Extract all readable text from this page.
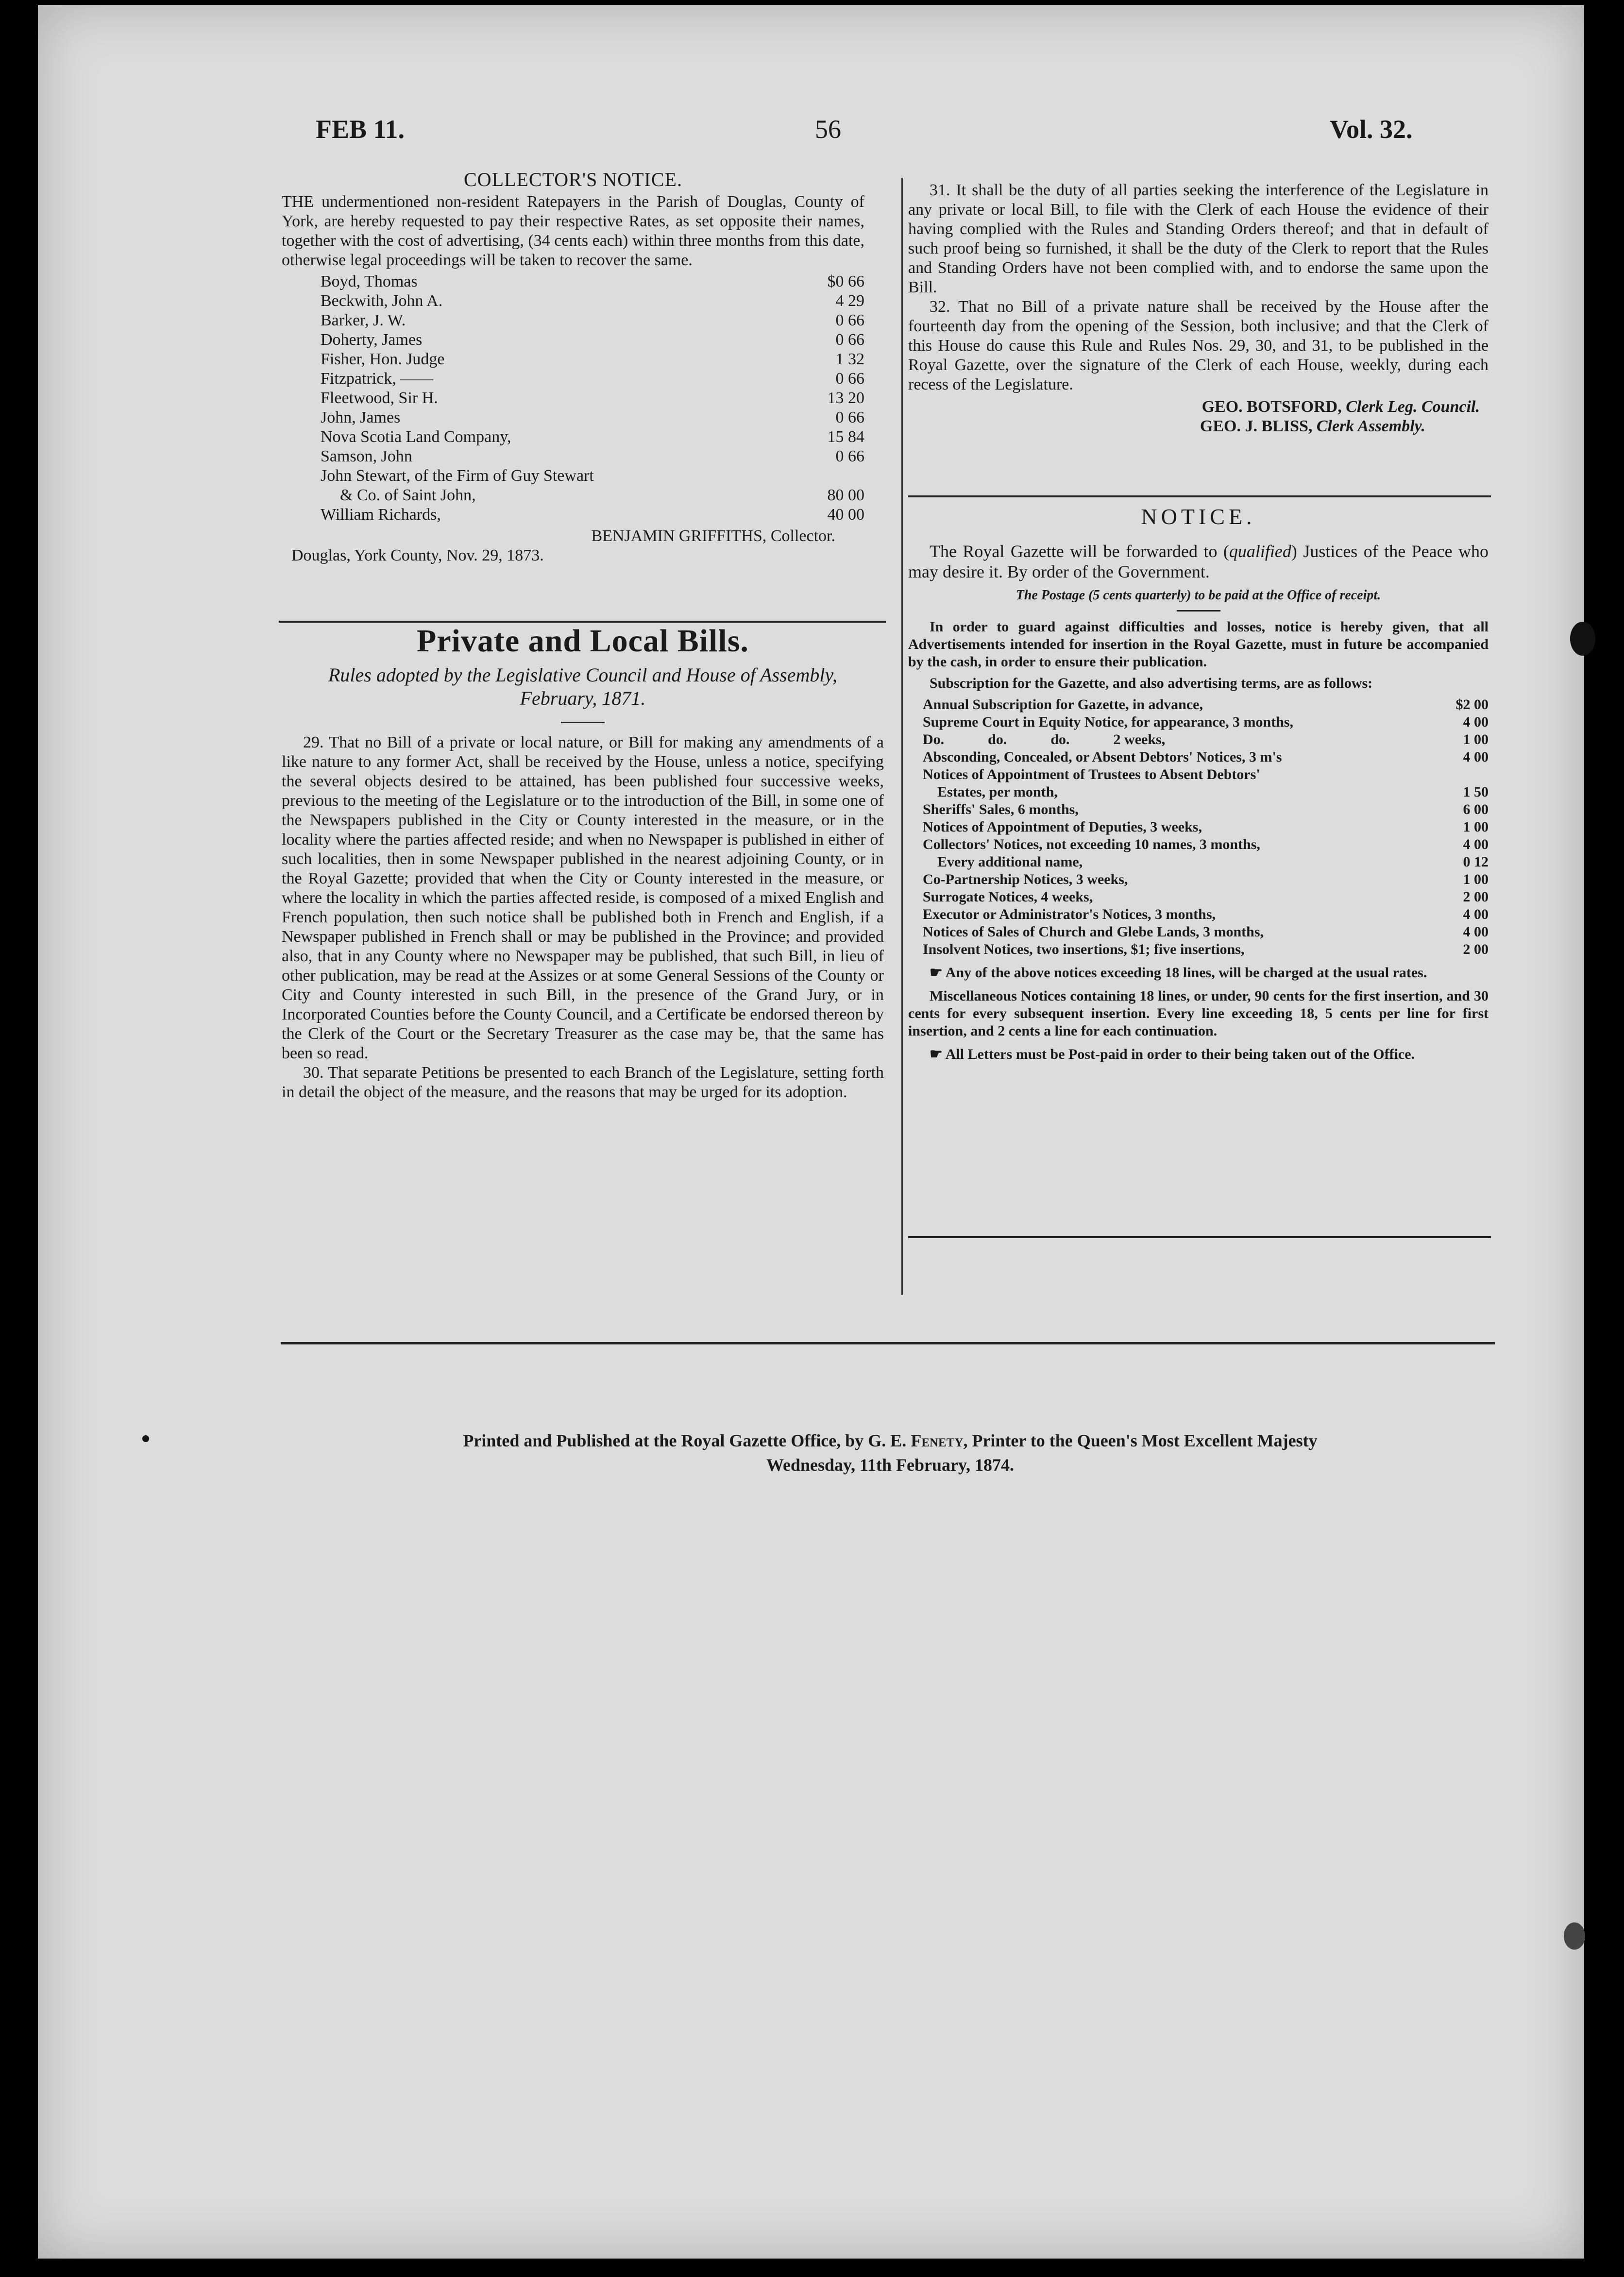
FEB 11.	56	Vol. 32.
COLLECTOR'S NOTICE.
THE undermentioned non-resident Ratepayers in the Parish of Douglas, County of York, are hereby requested to pay their respective Rates, as set opposite their names, together with the cost of advertising, (34 cents each) within three months from this date, otherwise legal proceedings will be taken to recover the same.
Boyd, Thomas	$0 66
Beckwith, John A.	4 29
Barker, J. W.	0 66
Doherty, James	0 66
Fisher, Hon. Judge	1 32
Fitzpatrick, ——	0 66
Fleetwood, Sir H.	13 20
John, James	0 66
Nova Scotia Land Company,	15 84
Samson, John	0 66
John Stewart, of the Firm of Guy Stewart
& Co. of Saint John,	80 00
William Richards,	40 00
BENJAMIN GRIFFITHS, Collector.
Douglas, York County, Nov. 29, 1873.
Private and Local Bills.
Rules adopted by the Legislative Council and House of Assembly, February, 1871.
29. That no Bill of a private or local nature, or Bill for making any amendments of a like nature to any former Act, shall be received by the House, unless a notice, specifying the several objects desired to be attained, has been published four successive weeks, previous to the meeting of the Legislature or to the introduction of the Bill, in some one of the Newspapers published in the City or County interested in the measure, or in the locality where the parties affected reside; and when no Newspaper is published in either of such localities, then in some Newspaper published in the nearest adjoining County, or in the Royal Gazette; provided that when the City or County interested in the measure, or where the locality in which the parties affected reside, is composed of a mixed English and French population, then such notice shall be published both in French and English, if a Newspaper published in French shall or may be published in the Province; and provided also, that in any County where no Newspaper may be published, that such Bill, in lieu of other publication, may be read at the Assizes or at some General Sessions of the County or City and County interested in such Bill, in the presence of the Grand Jury, or in Incorporated Counties before the County Council, and a Certificate be endorsed thereon by the Clerk of the Court or the Secretary Treasurer as the case may be, that the same has been so read.
30. That separate Petitions be presented to each Branch of the Legislature, setting forth in detail the object of the measure, and the reasons that may be urged for its adoption.
31. It shall be the duty of all parties seeking the interference of the Legislature in any private or local Bill, to file with the Clerk of each House the evidence of their having complied with the Rules and Standing Orders thereof; and that in default of such proof being so furnished, it shall be the duty of the Clerk to report that the Rules and Standing Orders have not been complied with, and to endorse the same upon the Bill.
32. That no Bill of a private nature shall be received by the House after the fourteenth day from the opening of the Session, both inclusive; and that the Clerk of this House do cause this Rule and Rules Nos. 29, 30, and 31, to be published in the Royal Gazette, over the signature of the Clerk of each House, weekly, during each recess of the Legislature.
GEO. BOTSFORD, Clerk Leg. Council.
GEO. J. BLISS, Clerk Assembly.
NOTICE.
The Royal Gazette will be forwarded to (qualified) Justices of the Peace who may desire it. By order of the Government.
The Postage (5 cents quarterly) to be paid at the Office of receipt.
In order to guard against difficulties and losses, notice is hereby given, that all Advertisements intended for insertion in the Royal Gazette, must in future be accompanied by the cash, in order to ensure their publication.
Subscription for the Gazette, and also advertising terms, are as follows:
Annual Subscription for Gazette, in advance,	$2 00
Supreme Court in Equity Notice, for appearance, 3 months,	4 00
Do.            do.            do.            2 weeks,	1 00
Absconding, Concealed, or Absent Debtors' Notices, 3 m's	4 00
Notices of Appointment of Trustees to Absent Debtors'
Estates, per month,	1 50
Sheriffs' Sales, 6 months,	6 00
Notices of Appointment of Deputies, 3 weeks,	1 00
Collectors' Notices, not exceeding 10 names, 3 months,	4 00
Every additional name,	0 12
Co-Partnership Notices, 3 weeks,	1 00
Surrogate Notices, 4 weeks,	2 00
Executor or Administrator's Notices, 3 months,	4 00
Notices of Sales of Church and Glebe Lands, 3 months,	4 00
Insolvent Notices, two insertions, $1; five insertions,	2 00
☛ Any of the above notices exceeding 18 lines, will be charged at the usual rates.
Miscellaneous Notices containing 18 lines, or under, 90 cents for the first insertion, and 30 cents for every subsequent insertion. Every line exceeding 18, 5 cents per line for first insertion, and 2 cents a line for each continuation.
☛ All Letters must be Post-paid in order to their being taken out of the Office.
Printed and Published at the Royal Gazette Office, by G. E. Fenety, Printer to the Queen's Most Excellent Majesty
Wednesday, 11th February, 1874.
